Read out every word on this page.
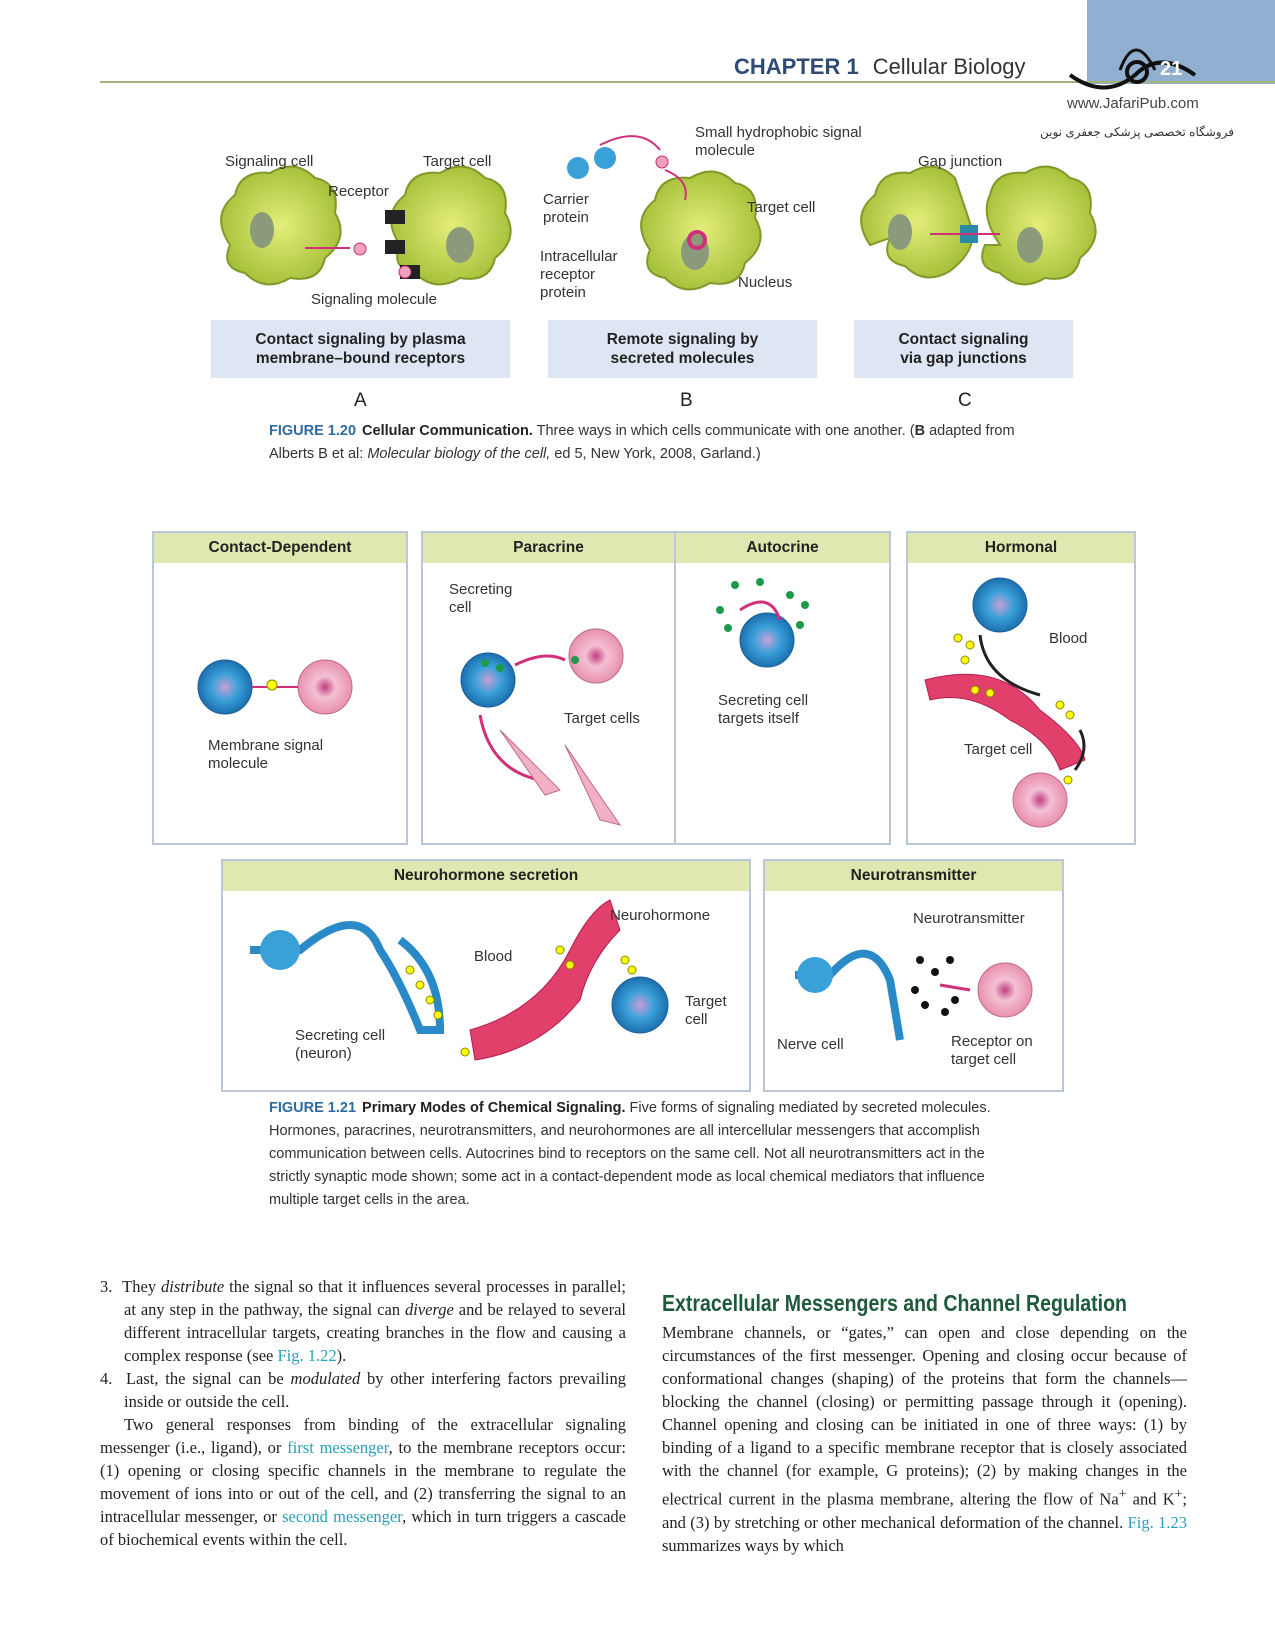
CHAPTER 1 Cellular Biology	21
www.JafariPub.com
فروشگاه تخصصی پزشکی جعفری نوین
Signaling cell	Target cell
Receptor
Signaling molecule
Small hydrophobic signal molecule
Carrier protein
Target cell
Intracellular receptor protein
Nucleus
Gap junction
Contact signaling by plasma membrane–bound receptors
Remote signaling by secreted molecules
Contact signaling via gap junctions
A	B	C
FIGURE 1.20 Cellular Communication. Three ways in which cells communicate with one another. (B adapted from Alberts B et al: Molecular biology of the cell, ed 5, New York, 2008, Garland.)
Contact-Dependent	Paracrine	Autocrine	Hormonal
Neurohormone secretion	Neurotransmitter
Membrane signal molecule
Secreting cell
Target cells
Secreting cell targets itself
Blood
Target cell
Neurohormone
Blood
Target cell
Secreting cell (neuron)
Neurotransmitter
Nerve cell	Receptor on target cell
FIGURE 1.21 Primary Modes of Chemical Signaling. Five forms of signaling mediated by secreted molecules. Hormones, paracrines, neurotransmitters, and neurohormones are all intercellular messengers that accomplish communication between cells. Autocrines bind to receptors on the same cell. Not all neurotransmitters act in the strictly synaptic mode shown; some act in a contact-dependent mode as local chemical mediators that influence multiple target cells in the area.

3. They distribute the signal so that it influences several processes in parallel; at any step in the pathway, the signal can diverge and be relayed to several different intracellular targets, creating branches in the flow and causing a complex response (see Fig. 1.22).

4. Last, the signal can be modulated by other interfering factors prevailing inside or outside the cell.

Two general responses from binding of the extracellular signaling messenger (i.e., ligand), or first messenger, to the membrane receptors occur: (1) opening or closing specific channels in the membrane to regulate the movement of ions into or out of the cell, and (2) transferring the signal to an intracellular messenger, or second messenger, which in turn triggers a cascade of biochemical events within the cell.

Extracellular Messengers and Channel Regulation

Membrane channels, or “gates,” can open and close depending on the circumstances of the first messenger. Opening and closing occur because of conformational changes (shaping) of the proteins that form the channels—blocking the channel (closing) or permitting passage through it (opening). Channel opening and closing can be initiated in one of three ways: (1) by binding of a ligand to a specific membrane receptor that is closely associated with the channel (for example, G proteins); (2) by making changes in the electrical current in the plasma membrane, altering the flow of Na+ and K+; and (3) by stretching or other mechanical deformation of the channel. Fig. 1.23 summarizes ways by which
